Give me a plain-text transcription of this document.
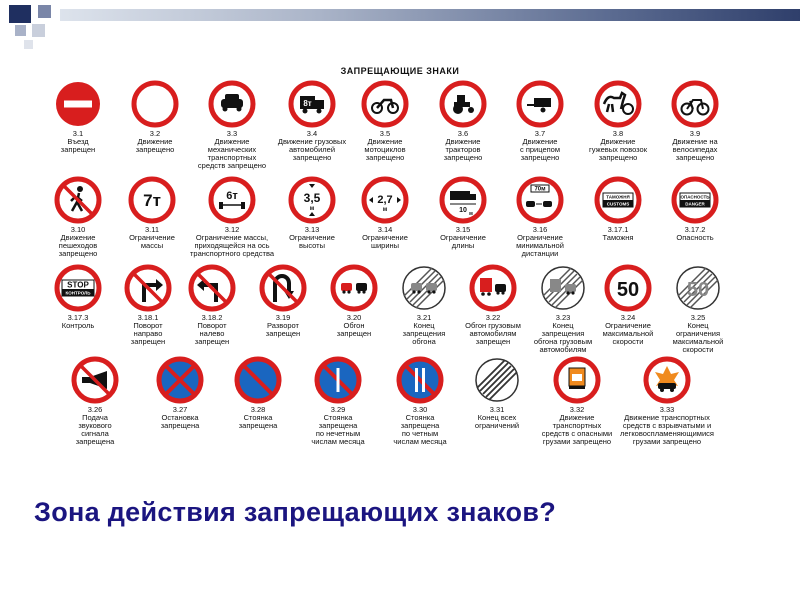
ЗАПРЕЩАЮЩИЕ ЗНАКИ
3.1
Въезд
запрещен
3.2
Движение
запрещено
3.3
Движение
механических
транспортных
средств запрещено
8т
3.4
Движение грузовых
автомобилей
запрещено
3.5
Движение
мотоциклов
запрещено
3.6
Движение
тракторов
запрещено
3.7
Движение
с прицепом
запрещено
3.8
Движение
гужевых повозок
запрещено
3.9
Движение на
велосипедах
запрещено
3.10
Движение
пешеходов
запрещено
7т
3.11
Ограничение
массы
6т
3.12
Ограничение массы,
приходящейся на ось
транспортного средства
3,5
м
3.13
Ограничение
высоты
2,7
м
3.14
Ограничение
ширины
10 м
3.15
Ограничение
длины
70м
3.16
Ограничение
минимальной
дистанции
ТАМОЖНЯ
CUSTOMS
3.17.1
Таможня
ОПАСНОСТЬ
DANGER
3.17.2
Опасность
STOP
КОНТРОЛЬ
3.17.3
Контроль
3.18.1
Поворот
направо
запрещен
3.18.2
Поворот
налево
запрещен
3.19
Разворот
запрещен
3.20
Обгон
запрещен
3.21
Конец
запрещения
обгона
3.22
Обгон грузовым
автомобилям
запрещен
3.23
Конец
запрещения
обгона грузовым
автомобилям
50
3.24
Ограничение
максимальной
скорости
50
3.25
Конец
ограничения
максимальной
скорости
3.26
Подача
звукового
сигнала
запрещена
3.27
Остановка
запрещена
3.28
Стоянка
запрещена
3.29
Стоянка
запрещена
по нечетным
числам месяца
3.30
Стоянка
запрещена
по четным
числам месяца
3.31
Конец всех
ограничений
3.32
Движение
транспортных
средств с опасными
грузами запрещено
3.33
Движение транспортных
средств с взрывчатыми и
легковоспламеняющимися
грузами запрещено
Зона действия запрещающих знаков?
